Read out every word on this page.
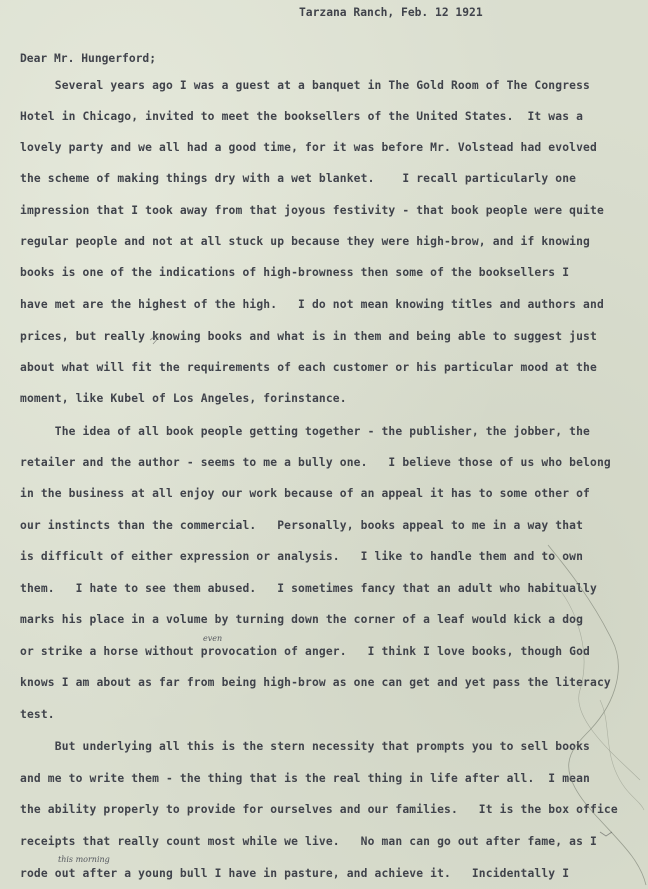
Tarzana Ranch, Feb. 12 1921
Dear Mr. Hungerford;
Several years ago I was a guest at a banquet in The Gold Room of The Congress
Hotel in Chicago, invited to meet the booksellers of the United States.  It was a
lovely party and we all had a good time, for it was before Mr. Volstead had evolved
the scheme of making things dry with a wet blanket.    I recall particularly one
impression that I took away from that joyous festivity - that book people were quite
regular people and not at all stuck up because they were high-brow, and if knowing
books is one of the indications of high-browness then some of the booksellers I
have met are the highest of the high.   I do not mean knowing titles and authors and
prices, but really knowing books and what is in them and being able to suggest just
about what will fit the requirements of each customer or his particular mood at the
moment, like Kubel of Los Angeles, forinstance.
The idea of all book people getting together - the publisher, the jobber, the
retailer and the author - seems to me a bully one.   I believe those of us who belong
in the business at all enjoy our work because of an appeal it has to some other of
our instincts than the commercial.   Personally, books appeal to me in a way that
is difficult of either expression or analysis.   I like to handle them and to own
them.   I hate to see them abused.   I sometimes fancy that an adult who habitually
marks his place in a volume by turning down the corner of a leaf would kick a dog
or strike a horse without provocation of anger.   I think I love books, though God
knows I am about as far from being high-brow as one can get and yet pass the literacy
test.
But underlying all this is the stern necessity that prompts you to sell books
and me to write them - the thing that is the real thing in life after all.  I mean
the ability properly to provide for ourselves and our families.   It is the box office
receipts that really count most while we live.   No man can go out after fame, as I
rode out after a young bull I have in pasture, and achieve it.   Incidentally I
even
this morning
